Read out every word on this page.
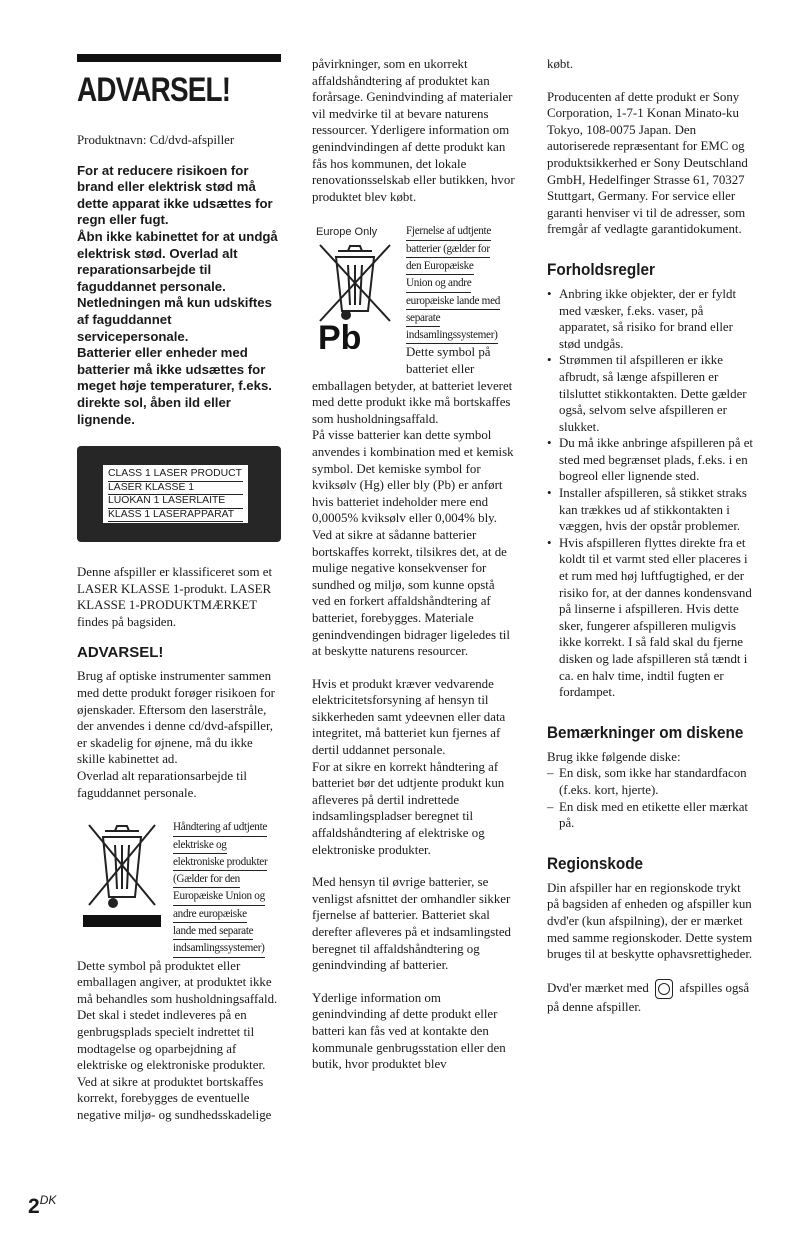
ADVARSEL!

Produktnavn: Cd/dvd-afspiller

For at reducere risikoen for brand eller elektrisk stød må dette apparat ikke udsættes for regn eller fugt.

Åbn ikke kabinettet for at undgå elektrisk stød. Overlad alt reparationsarbejde til faguddannet personale.

Netledningen må kun udskiftes af faguddannet servicepersonale.

Batterier eller enheder med batterier må ikke udsættes for meget høje temperaturer, f.eks. direkte sol, åben ild eller lignende.

CLASS 1 LASER PRODUCT
LASER KLASSE 1
LUOKAN 1 LASERLAITE
KLASS 1 LASERAPPARAT

Denne afspiller er klassificeret som et LASER KLASSE 1-produkt. LASER KLASSE 1-PRODUKTMÆRKET findes på bagsiden.

ADVARSEL!

Brug af optiske instrumenter sammen med dette produkt forøger risikoen for øjenskader. Eftersom den laserstråle, der anvendes i denne cd/dvd-afspiller, er skadelig for øjnene, må du ikke skille kabinettet ad.

Overlad alt reparationsarbejde til faguddannet personale.

Håndtering af udtjente
elektriske og
elektroniske produkter
(Gælder for den
Europæiske Union og
andre europæiske
lande med separate
indsamlingssystemer)

Dette symbol på produktet eller emballagen angiver, at produktet ikke må behandles som husholdningsaffald. Det skal i stedet indleveres på en genbrugsplads specielt indrettet til modtagelse og oparbejdning af elektriske og elektroniske produkter. Ved at sikre at produktet bortskaffes korrekt, forebygges de eventuelle negative miljø- og sundhedsskadelige

påvirkninger, som en ukorrekt affaldshåndtering af produktet kan forårsage. Genindvinding af materialer vil medvirke til at bevare naturens ressourcer. Yderligere information om genindvindingen af dette produkt kan fås hos kommunen, det lokale renovationsselskab eller butikken, hvor produktet blev købt.

Europe Only
Pb
Fjernelse af udtjente
batterier (gælder for
den Europæiske
Union og andre
europæiske lande med
separate
indsamlingssystemer)

Dette symbol på batteriet eller

emballagen betyder, at batteriet leveret med dette produkt ikke må bortskaffes som husholdningsaffald.

På visse batterier kan dette symbol anvendes i kombination med et kemisk symbol. Det kemiske symbol for kviksølv (Hg) eller bly (Pb) er anført hvis batteriet indeholder mere end 0,0005% kviksølv eller 0,004% bly.

Ved at sikre at sådanne batterier bortskaffes korrekt, tilsikres det, at de mulige negative konsekvenser for sundhed og miljø, som kunne opstå ved en forkert affaldshåndtering af batteriet, forebygges. Materiale genindvendingen bidrager ligeledes til at beskytte naturens resourcer.

Hvis et produkt kræver vedvarende elektricitetsforsyning af hensyn til sikkerheden samt ydeevnen eller data integritet, må batteriet kun fjernes af dertil uddannet personale.

For at sikre en korrekt håndtering af batteriet bør det udtjente produkt kun afleveres på dertil indrettede indsamlingspladser beregnet til affaldshåndtering af elektriske og elektroniske produkter.

Med hensyn til øvrige batterier, se venligst afsnittet der omhandler sikker fjernelse af batterier. Batteriet skal derefter afleveres på et indsamlingsted beregnet til affaldshåndtering og genindvinding af batterier.

Yderlige information om genindvinding af dette produkt eller batteri kan fås ved at kontakte den kommunale genbrugsstation eller den butik, hvor produktet blev

købt.

Producenten af dette produkt er Sony Corporation, 1-7-1 Konan Minato-ku Tokyo, 108-0075 Japan. Den autoriserede repræsentant for EMC og produktsikkerhed er Sony Deutschland GmbH, Hedelfinger Strasse 61, 70327 Stuttgart, Germany. For service eller garanti henviser vi til de adresser, som fremgår af vedlagte garantidokument.

Forholdsregler
• Anbring ikke objekter, der er fyldt med væsker, f.eks. vaser, på apparatet, så risiko for brand eller stød undgås.
• Strømmen til afspilleren er ikke afbrudt, så længe afspilleren er tilsluttet stikkontakten. Dette gælder også, selvom selve afspilleren er slukket.
• Du må ikke anbringe afspilleren på et sted med begrænset plads, f.eks. i en bogreol eller lignende sted.
• Installer afspilleren, så stikket straks kan trækkes ud af stikkontakten i væggen, hvis der opstår problemer.
• Hvis afspilleren flyttes direkte fra et koldt til et varmt sted eller placeres i et rum med høj luftfugtighed, er der risiko for, at der dannes kondensvand på linserne i afspilleren. Hvis dette sker, fungerer afspilleren muligvis ikke korrekt. I så fald skal du fjerne disken og lade afspilleren stå tændt i ca. en halv time, indtil fugten er fordampet.
Bemærkninger om diskene

Brug ikke følgende diske:

– En disk, som ikke har standardfacon (f.eks. kort, hjerte).
– En disk med en etikette eller mærkat på.
Regionskode

Din afspiller har en regionskode trykt på bagsiden af enheden og afspiller kun dvd'er (kun afspilning), der er mærket med samme regionskoder. Dette system bruges til at beskytte ophavsrettigheder.

Dvd'er mærket med afspilles også på denne afspiller.

$2^{DK}$
